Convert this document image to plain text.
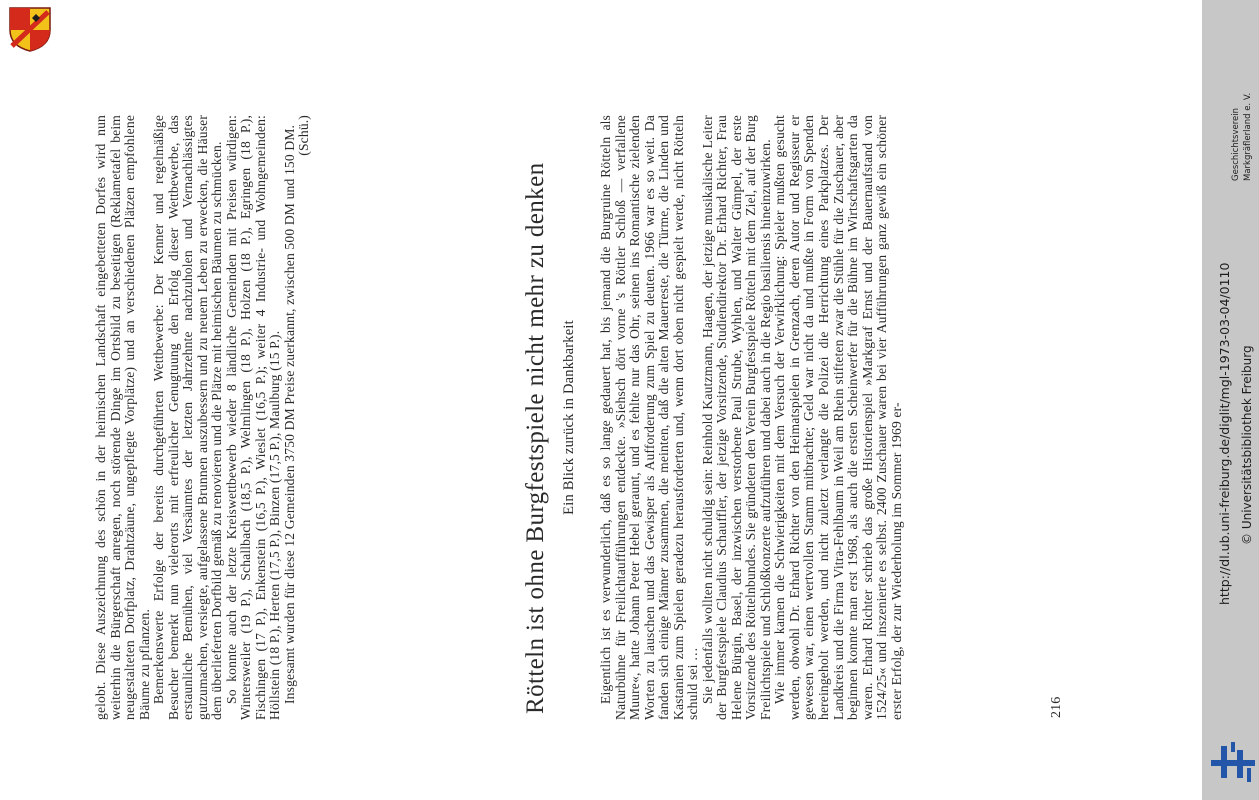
gelobt. Diese Auszeichnung des schön in der heimischen Landschaft eingebetteten Dorfes wird nun weiterhin die Bürgerschaft anregen, noch störende Dinge im Ortsbild zu beseitigen (Reklametafel beim neugestalteten Dorfplatz, Drahtzäune, ungepflegte Vorplätze) und an verschiedenen Plätzen empfohlene Bäume zu pflanzen. Bemerkenswerte Erfolge der bereits durchgeführten Wettbewerbe: Der Kenner und regelmäßige Besucher bemerkt nun vielerorts mit erfreulicher Genugtuung den Erfolg dieser Wettbewerbe, das erstaunliche Bemühen, viel Versäumtes der letzten Jahrzehnte nachzuholen und Vernachlässigtes gutzumachen, versiegte, aufgelassene Brunnen auszubessern und zu neuem Leben zu erwecken, die Häuser dem überlieferten Dorfbild gemäß zu renovieren und die Plätze mit heimischen Bäumen zu schmücken. So konnte auch der letzte Kreiswettbewerb wieder 8 ländliche Gemeinden mit Preisen würdigen: Wintersweiler (19 P.), Schallbach (18,5 P.), Welmlingen (18 P.), Holzen (18 P.), Egringen (18 P.), Fischingen (17 P.), Enkenstein (16,5 P.), Wieslet (16,5 P.); weiter 4 Industrie- und Wohngemeinden: Höllstein (18 P.), Herten (17,5 P.), Binzen (17,5 P.), Maulburg (15 P.). Insgesamt wurden für diese 12 Gemeinden 3750 DM Preise zuerkannt, zwischen 500 DM und 150 DM. (Schü.)

Rötteln ist ohne Burgfestspiele nicht mehr zu denken Ein Blick zurück in Dankbarkeit Eigentlich ist es verwunderlich, daß es so lange gedauert hat, bis jemand die Burgruine Rötteln als Naturbühne für Freilichtaufführungen entdeckte. »Siehsch dört vorne 's Röttler Schloß — verfallene Muure«, hatte Johann Peter Hebel geraunt, und es fehlte nur das Ohr, seinen ins Romantische zielenden Worten zu lauschen und das Gewisper als Aufforderung zum Spiel zu deuten. 1966 war es so weit. Da fanden sich einige Männer zusammen, die meinten, daß die alten Mauerreste, die Türme, die Linden und Kastanien zum Spielen geradezu herausforderten und, wenn dort oben nicht gespielt werde, nicht Rötteln schuld sei … Sie jedenfalls wollten nicht schuldig sein: Reinhold Kautzmann, Haagen, der jetzige musikalische Leiter der Burgfestspiele Claudius Schauffler, der jetzige Vorsitzende, Studiendirektor Dr. Erhard Richter, Frau Helene Bürgin, Basel, der inzwischen verstorbene Paul Strube, Wyhlen, und Walter Gümpel, der erste Vorsitzende des Röttelnbundes. Sie gründeten den Verein Burgfestspiele Rötteln mit dem Ziel, auf der Burg Freilichtspiele und Schloßkonzerte aufzuführen und dabei auch in die Regio basiliensis hineinzuwirken. Wie immer kamen die Schwierigkeiten mit dem Versuch der Verwirklichung: Spieler mußten gesucht werden, obwohl Dr. Erhard Richter von den Heimatspielen in Grenzach, deren Autor und Regisseur er gewesen war, einen wertvollen Stamm mitbrachte; Geld war nicht da und mußte in Form von Spenden hereingeholt werden, und nicht zuletzt verlangte die Polizei die Herrichtung eines Parkplatzes. Der Landkreis und die Firma Vitra-Fehlbaum in Weil am Rhein stifteten zwar die Stühle für die Zuschauer, aber beginnen konnte man erst 1968, als auch die ersten Scheinwerfer für die Bühne im Wirtschaftsgarten da waren. Erhard Richter schrieb das große Historienspiel »Markgraf Ernst und der Bauernaufstand von 1524/25« und inszenierte es selbst. 2400 Zuschauer waren bei vier Aufführungen ganz gewiß ein schöner erster Erfolg, der zur Wiederholung im Sommer 1969 er-	216
Geschichtsverein Markgräflerland e. V.
http://dl.ub.uni-freiburg.de/diglit/mgl-1973-03-04/0110 © Universitätsbibliothek Freiburg
